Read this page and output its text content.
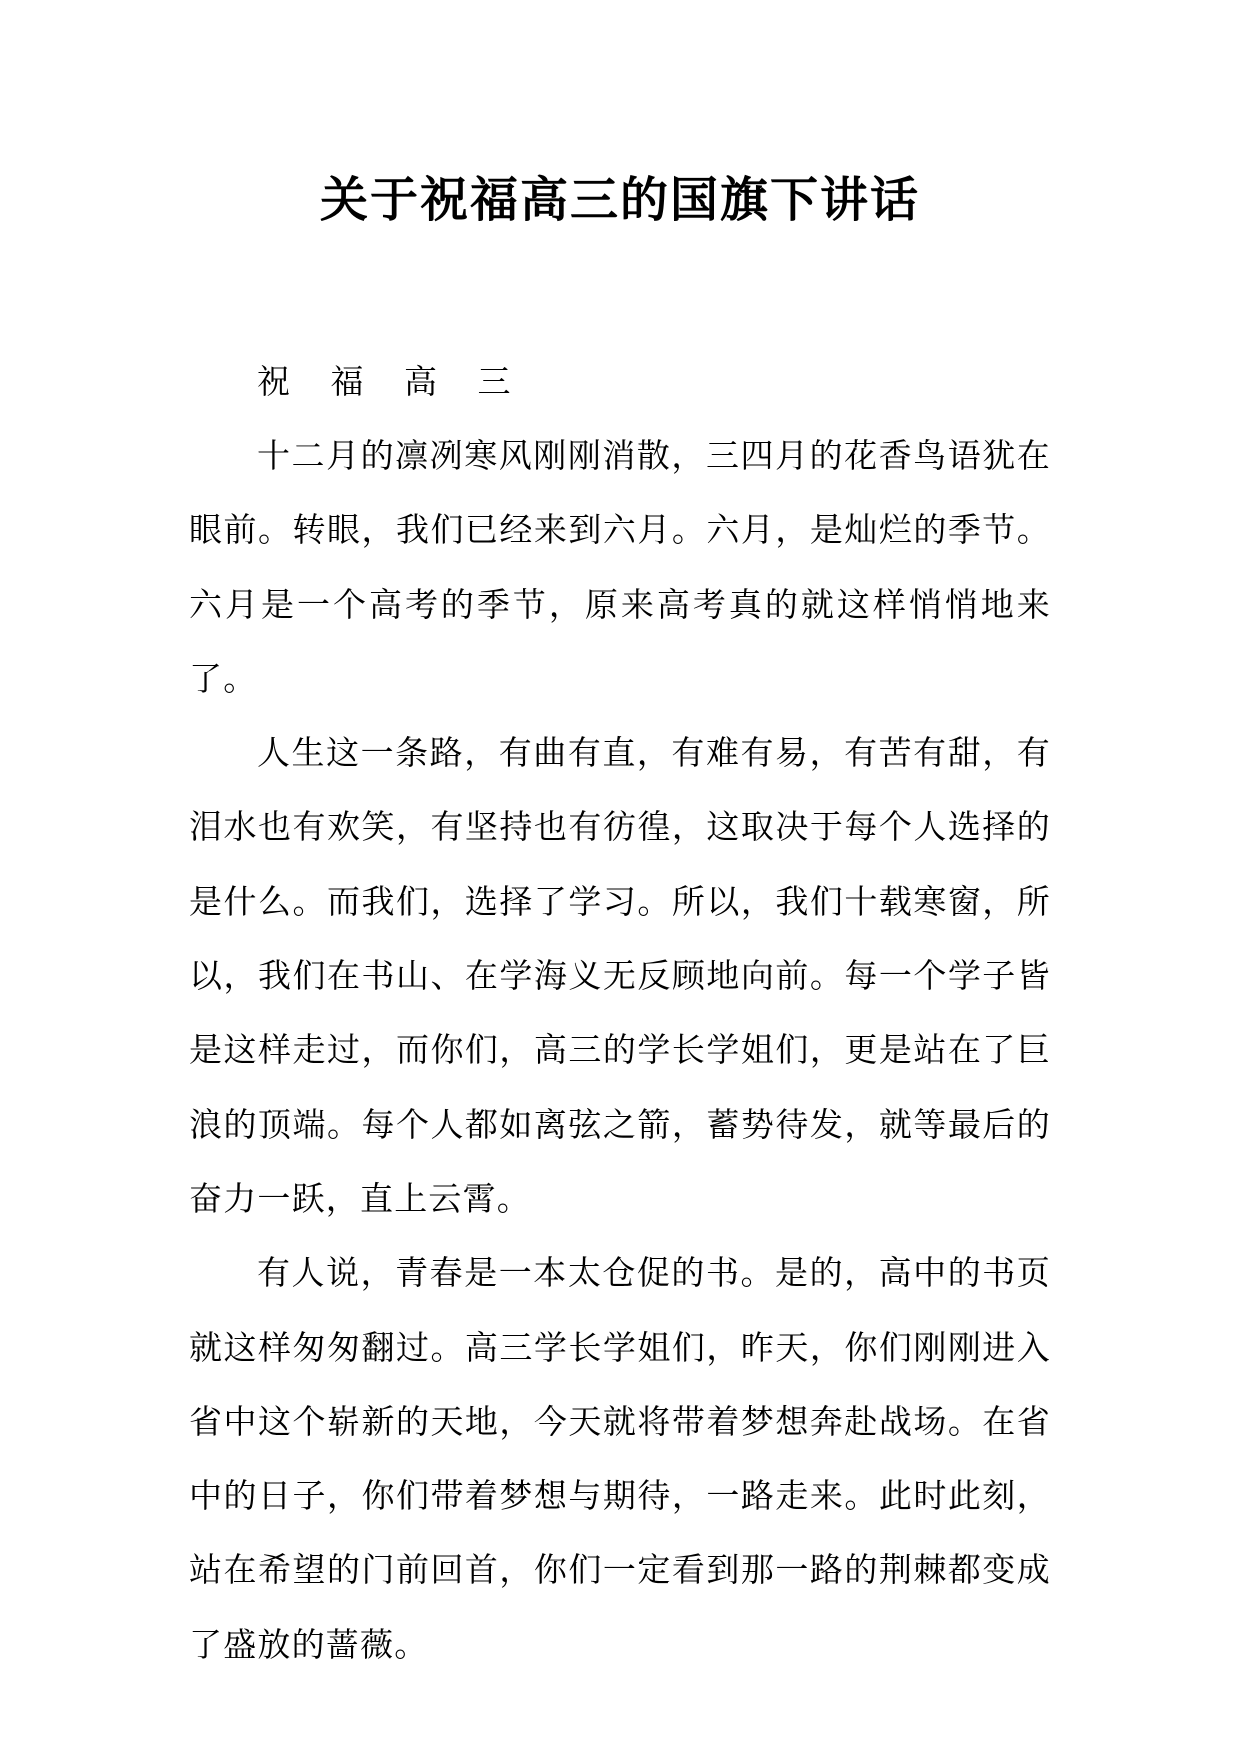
关于祝福高三的国旗下讲话

祝 福 高 三

十二月的凛冽寒风刚刚消散，三四月的花香鸟语犹在眼前。转眼，我们已经来到六月。六月，是灿烂的季节。六月是一个高考的季节，原来高考真的就这样悄悄地来了。

人生这一条路，有曲有直，有难有易，有苦有甜，有泪水也有欢笑，有坚持也有彷徨，这取决于每个人选择的是什么。而我们，选择了学习。所以，我们十载寒窗，所以，我们在书山、在学海义无反顾地向前。每一个学子皆是这样走过，而你们，高三的学长学姐们，更是站在了巨浪的顶端。每个人都如离弦之箭，蓄势待发，就等最后的奋力一跃，直上云霄。

有人说，青春是一本太仓促的书。是的，高中的书页就这样匆匆翻过。高三学长学姐们，昨天，你们刚刚进入省中这个崭新的天地，今天就将带着梦想奔赴战场。在省中的日子，你们带着梦想与期待，一路走来。此时此刻，站在希望的门前回首，你们一定看到那一路的荆棘都变成了盛放的蔷薇。
